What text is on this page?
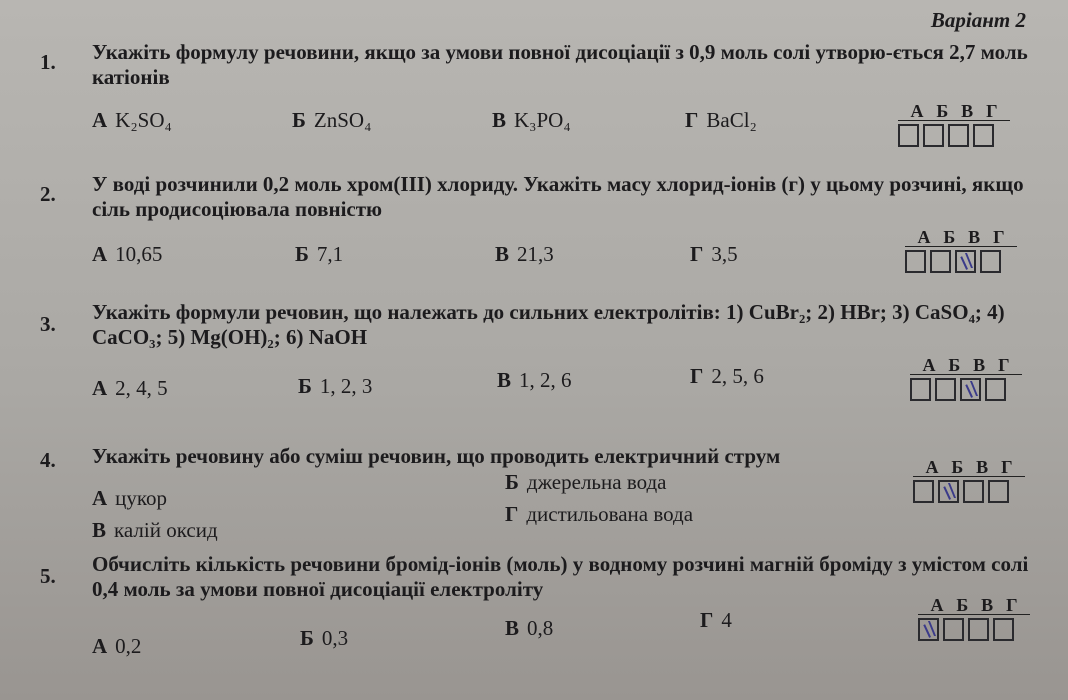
Варіант 2
1. Укажіть формулу речовини, якщо за умови повної дисоціації з 0,9 моль солі утворю-ється 2,7 моль катіонів
А K₂SO₄	Б ZnSO₄	В K₃PO₄	Г BaCl₂	А Б В Г
2. У воді розчинили 0,2 моль хром(III) хлориду. Укажіть масу хлорид-іонів (г) у цьому розчині, якщо сіль продисоціювала повністю
А 10,65	Б 7,1	В 21,3	Г 3,5
А Б В Г
3. Укажіть формули речовин, що належать до сильних електролітів: 1) CuBr₂; 2) HBr; 3) CaSO₄; 4) CaCO₃; 5) Mg(OH)₂; 6) NaOH
А 2, 4, 5	Б 1, 2, 3	В 1, 2, 6	Г 2, 5, 6	А Б В Г
4. Укажіть речовину або суміш речовин, що проводить електричний струм
А цукор
Б джерельна вода
В калій оксид
Г дистильована вода
А Б В Г
5. Обчисліть кількість речовини бромід-іонів (моль) у водному розчині магній броміду з умістом солі 0,4 моль за умови повної дисоціації електроліту
А 0,2	Б 0,3	В 0,8	Г 4
А Б В Г
